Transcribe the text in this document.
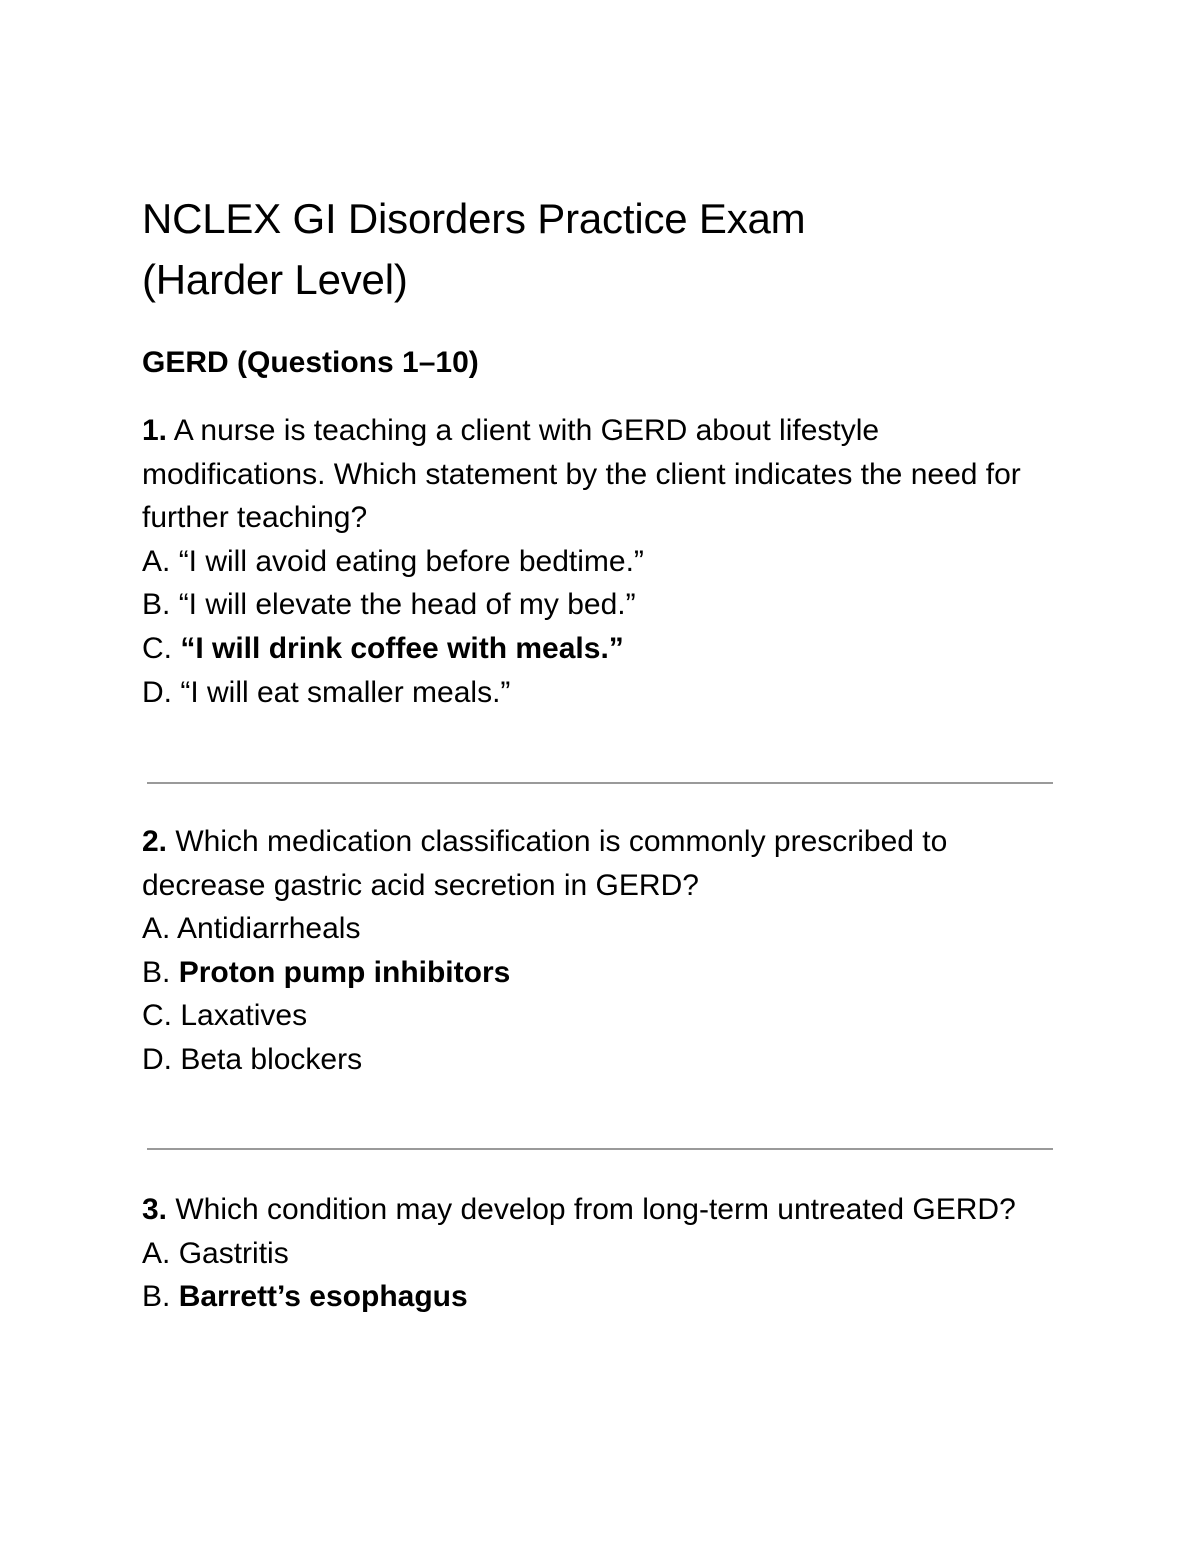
NCLEX GI Disorders Practice Exam
(Harder Level)
GERD (Questions 1–10)

1. A nurse is teaching a client with GERD about lifestyle modifications. Which statement by the client indicates the need for further teaching?

A. “I will avoid eating before bedtime.”
B. “I will elevate the head of my bed.”
C. “I will drink coffee with meals.”
D. “I will eat smaller meals.”

2. Which medication classification is commonly prescribed to decrease gastric acid secretion in GERD?

A. Antidiarrheals
B. Proton pump inhibitors
C. Laxatives
D. Beta blockers

3. Which condition may develop from long-term untreated GERD?

A. Gastritis
B. Barrett’s esophagus
